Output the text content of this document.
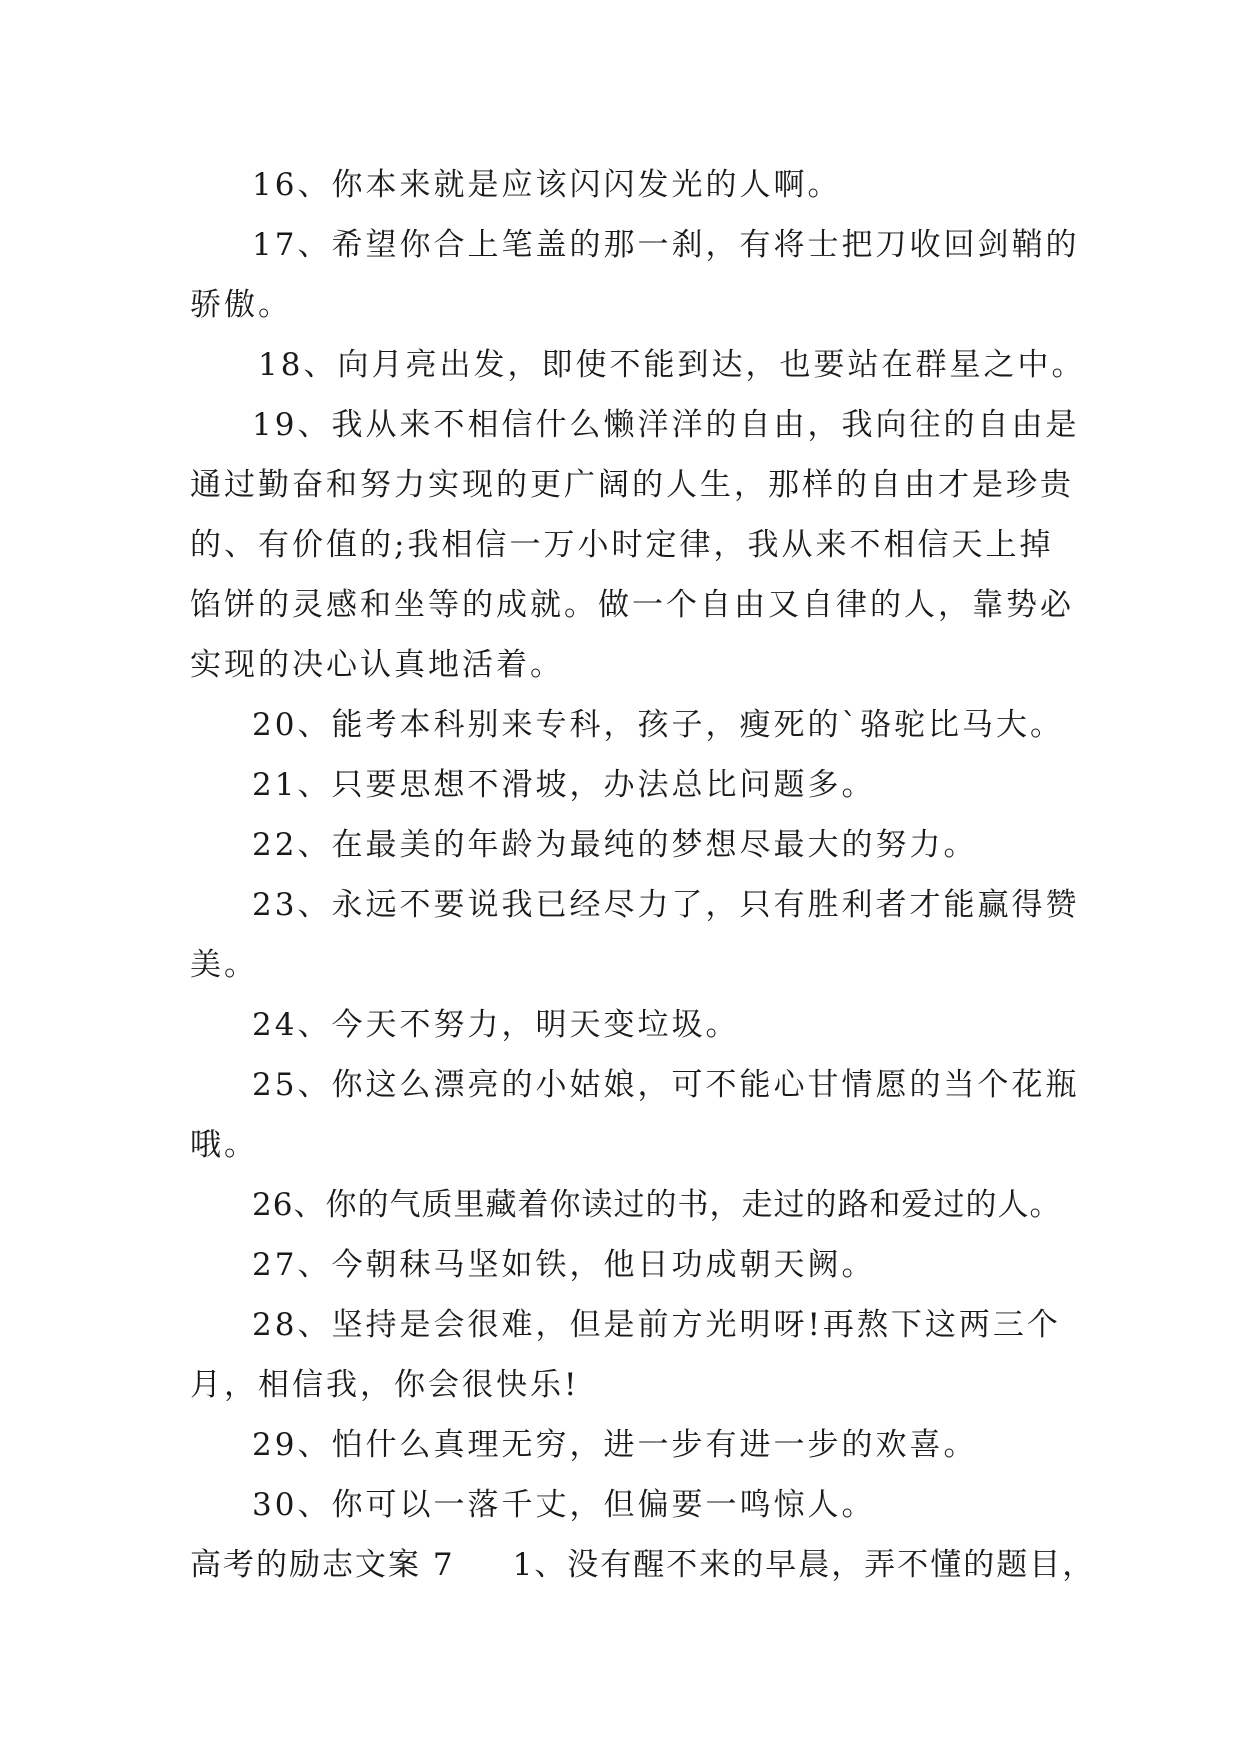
16、你本来就是应该闪闪发光的人啊。
17、希望你合上笔盖的那一刹，有将士把刀收回剑鞘的
骄傲。
18、向月亮出发，即使不能到达，也要站在群星之中。
19、我从来不相信什么懒洋洋的自由，我向往的自由是
通过勤奋和努力实现的更广阔的人生，那样的自由才是珍贵
的、有价值的;我相信一万小时定律，我从来不相信天上掉
馅饼的灵感和坐等的成就。做一个自由又自律的人，靠势必
实现的决心认真地活着。
20、能考本科别来专科，孩子，瘦死的`骆驼比马大。
21、只要思想不滑坡，办法总比问题多。
22、在最美的年龄为最纯的梦想尽最大的努力。
23、永远不要说我已经尽力了，只有胜利者才能赢得赞
美。
24、今天不努力，明天变垃圾。
25、你这么漂亮的小姑娘，可不能心甘情愿的当个花瓶
哦。
26、你的气质里藏着你读过的书，走过的路和爱过的人。
27、今朝秣马坚如铁，他日功成朝天阙。
28、坚持是会很难，但是前方光明呀!再熬下这两三个
月，相信我，你会很快乐!
29、怕什么真理无穷，进一步有进一步的欢喜。
30、你可以一落千丈，但偏要一鸣惊人。
高考的励志文案 7 1、没有醒不来的早晨，弄不懂的题目，
